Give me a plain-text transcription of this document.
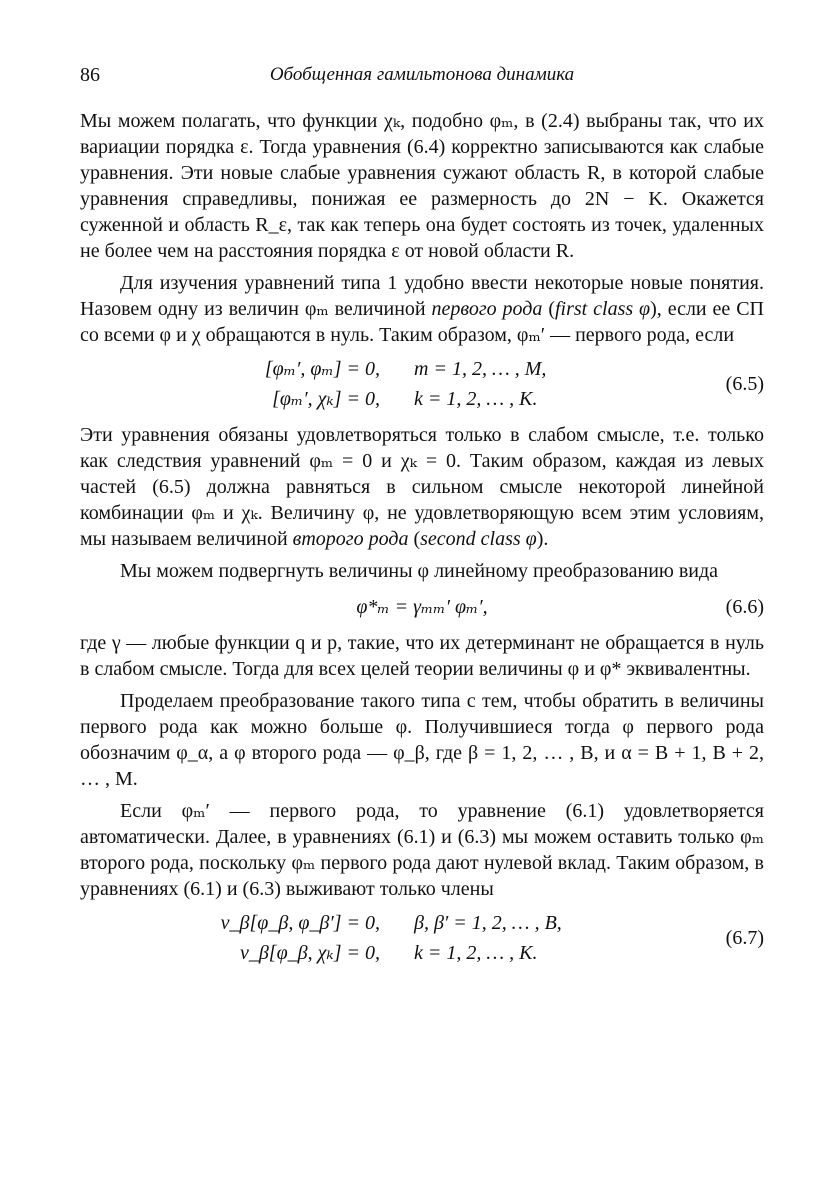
86	Обобщенная гамильтонова динамика

Мы можем полагать, что функции χₖ, подобно φₘ, в (2.4) выбраны так, что их вариации порядка ε. Тогда уравнения (6.4) корректно записываются как слабые уравнения. Эти новые слабые уравнения сужают область R, в которой слабые уравнения справедливы, понижая ее размерность до 2N − K. Окажется суженной и область R_ε, так как теперь она будет состоять из точек, удаленных не более чем на расстояния порядка ε от новой области R.

Для изучения уравнений типа 1 удобно ввести некоторые новые понятия. Назовем одну из величин φₘ величиной первого рода (first class φ), если ее СП со всеми φ и χ обращаются в нуль. Таким образом, φₘ′ — первого рода, если

[φₘ′, φₘ] = 0, m = 1, 2, … , M,
[φₘ′, χₖ] = 0, k = 1, 2, … , K.
(6.5)

Эти уравнения обязаны удовлетворяться только в слабом смысле, т.е. только как следствия уравнений φₘ = 0 и χₖ = 0. Таким образом, каждая из левых частей (6.5) должна равняться в сильном смысле некоторой линейной комбинации φₘ и χₖ. Величину φ, не удовлетворяющую всем этим условиям, мы называем величиной второго рода (second class φ).

Мы можем подвергнуть величины φ линейному преобразованию вида

φ*ₘ = γₘₘ′ φₘ′,	(6.6)

где γ — любые функции q и p, такие, что их детерминант не обращается в нуль в слабом смысле. Тогда для всех целей теории величины φ и φ* эквивалентны.

Проделаем преобразование такого типа с тем, чтобы обратить в величины первого рода как можно больше φ. Получившиеся тогда φ первого рода обозначим φ_α, а φ второго рода — φ_β, где β = 1, 2, … , B, и α = B + 1, B + 2, … , M.

Если φₘ′ — первого рода, то уравнение (6.1) удовлетворяется автоматически. Далее, в уравнениях (6.1) и (6.3) мы можем оставить только φₘ второго рода, поскольку φₘ первого рода дают нулевой вклад. Таким образом, в уравнениях (6.1) и (6.3) выживают только члены

v_β[φ_β, φ_β′] = 0, β, β′ = 1, 2, … , B,
v_β[φ_β, χₖ] = 0, k = 1, 2, … , K.
(6.7)
